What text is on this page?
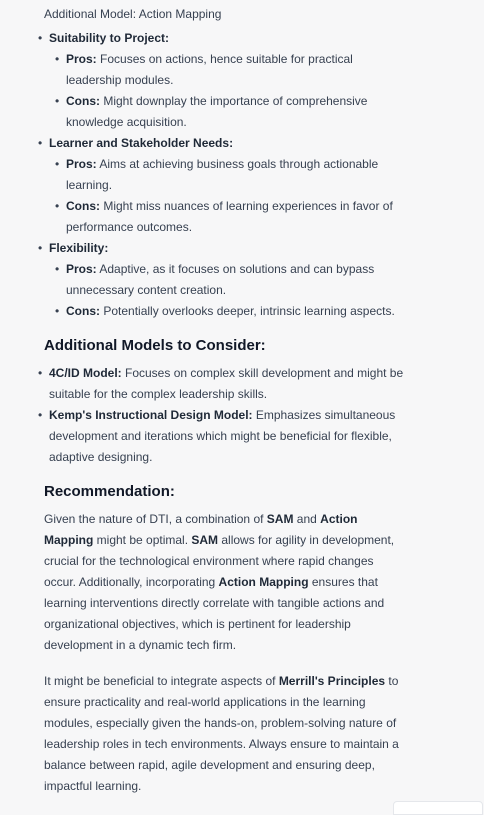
Additional Model: Action Mapping
• Suitability to Project:
• Pros: Focuses on actions, hence suitable for practical leadership modules.
• Cons: Might downplay the importance of comprehensive knowledge acquisition.
• Learner and Stakeholder Needs:
• Pros: Aims at achieving business goals through actionable learning.
• Cons: Might miss nuances of learning experiences in favor of performance outcomes.
• Flexibility:
• Pros: Adaptive, as it focuses on solutions and can bypass unnecessary content creation.
• Cons: Potentially overlooks deeper, intrinsic learning aspects.
Additional Models to Consider:
• 4C/ID Model: Focuses on complex skill development and might be suitable for the complex leadership skills.
• Kemp's Instructional Design Model: Emphasizes simultaneous development and iterations which might be beneficial for flexible, adaptive designing.
Recommendation:

Given the nature of DTI, a combination of SAM and Action Mapping might be optimal. SAM allows for agility in development, crucial for the technological environment where rapid changes occur. Additionally, incorporating Action Mapping ensures that learning interventions directly correlate with tangible actions and organizational objectives, which is pertinent for leadership development in a dynamic tech firm.

It might be beneficial to integrate aspects of Merrill's Principles to ensure practicality and real-world applications in the learning modules, especially given the hands-on, problem-solving nature of leadership roles in tech environments. Always ensure to maintain a balance between rapid, agile development and ensuring deep, impactful learning.
